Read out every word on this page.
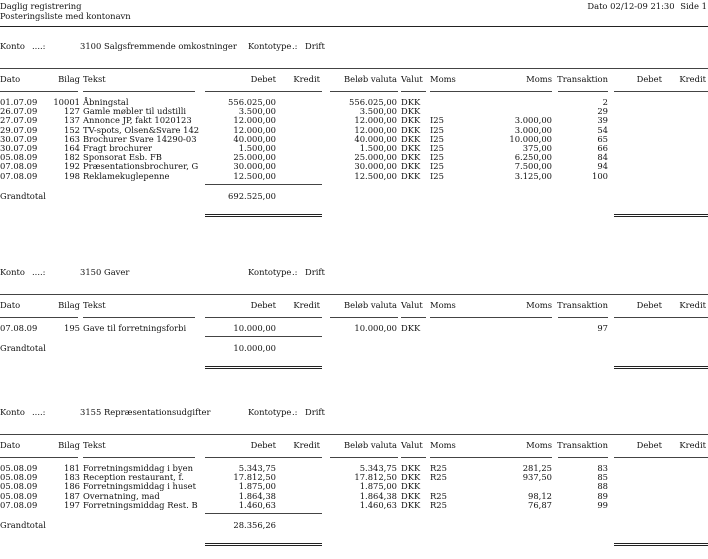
Daglig registrering
Posteringsliste med kontonavn
Dato 02/12-09 21:30 Side 1
Konto ....:	3100 Salgsfremmende omkostninger Kontotype .: Drift
Dato	Bilag Tekst	Debet Kredit	Beløb valuta Valut Moms	Moms Transaktion	Debet Kredit
01.07.09 10001 Åbningstal	556.025,00	556.025,00 DKK	2
26.07.09	127 Gamle møbler til udstilli	3.500,00	3.500,00 DKK	29
27.07.09	137 Annonce JP, fakt 1020123	12.000,00	12.000,00 DKK I25	3.000,00	39
29.07.09	152 TV-spots, Olsen&Svare 142	12.000,00	12.000,00 DKK I25	3.000,00	54
30.07.09	163 Brochurer Svare 14290-03	40.000,00	40.000,00 DKK I25	10.000,00	65
30.07.09	164 Fragt brochurer	1.500,00	1.500,00 DKK I25	375,00	66
05.08.09	182 Sponsorat Esb. FB	25.000,00	25.000,00 DKK I25	6.250,00	84
07.08.09	192 Præsentationsbrochurer, G	30.000,00	30.000,00 DKK I25	7.500,00	94
07.08.09	198 Reklamekuglepenne	12.500,00	12.500,00 DKK I25	3.125,00	100
Grandtotal	692.525,00
Konto ....:	3150 Gaver	Kontotype .: Drift
Dato	Bilag Tekst	Debet Kredit	Beløb valuta Valut Moms	Moms Transaktion	Debet Kredit
07.08.09	195 Gave til forretningsforbi	10.000,00	10.000,00 DKK	97
Grandtotal	10.000,00
Konto ....:	3155 Repræsentationsudgifter	Kontotype .: Drift
Dato	Bilag Tekst	Debet Kredit	Beløb valuta Valut Moms	Moms Transaktion	Debet Kredit
05.08.09	181 Forretningsmiddag i byen	5.343,75	5.343,75 DKK R25	281,25	83
05.08.09	183 Reception restaurant, f.	17.812,50	17.812,50 DKK R25	937,50	85
05.08.09	186 Forretningsmiddag i huset	1.875,00	1.875,00 DKK	88
05.08.09	187 Overnatning, mad	1.864,38	1.864,38 DKK R25	98,12	89
07.08.09	197 Forretningsmiddag Rest. B	1.460,63	1.460,63 DKK R25	76,87	99
Grandtotal	28.356,26
